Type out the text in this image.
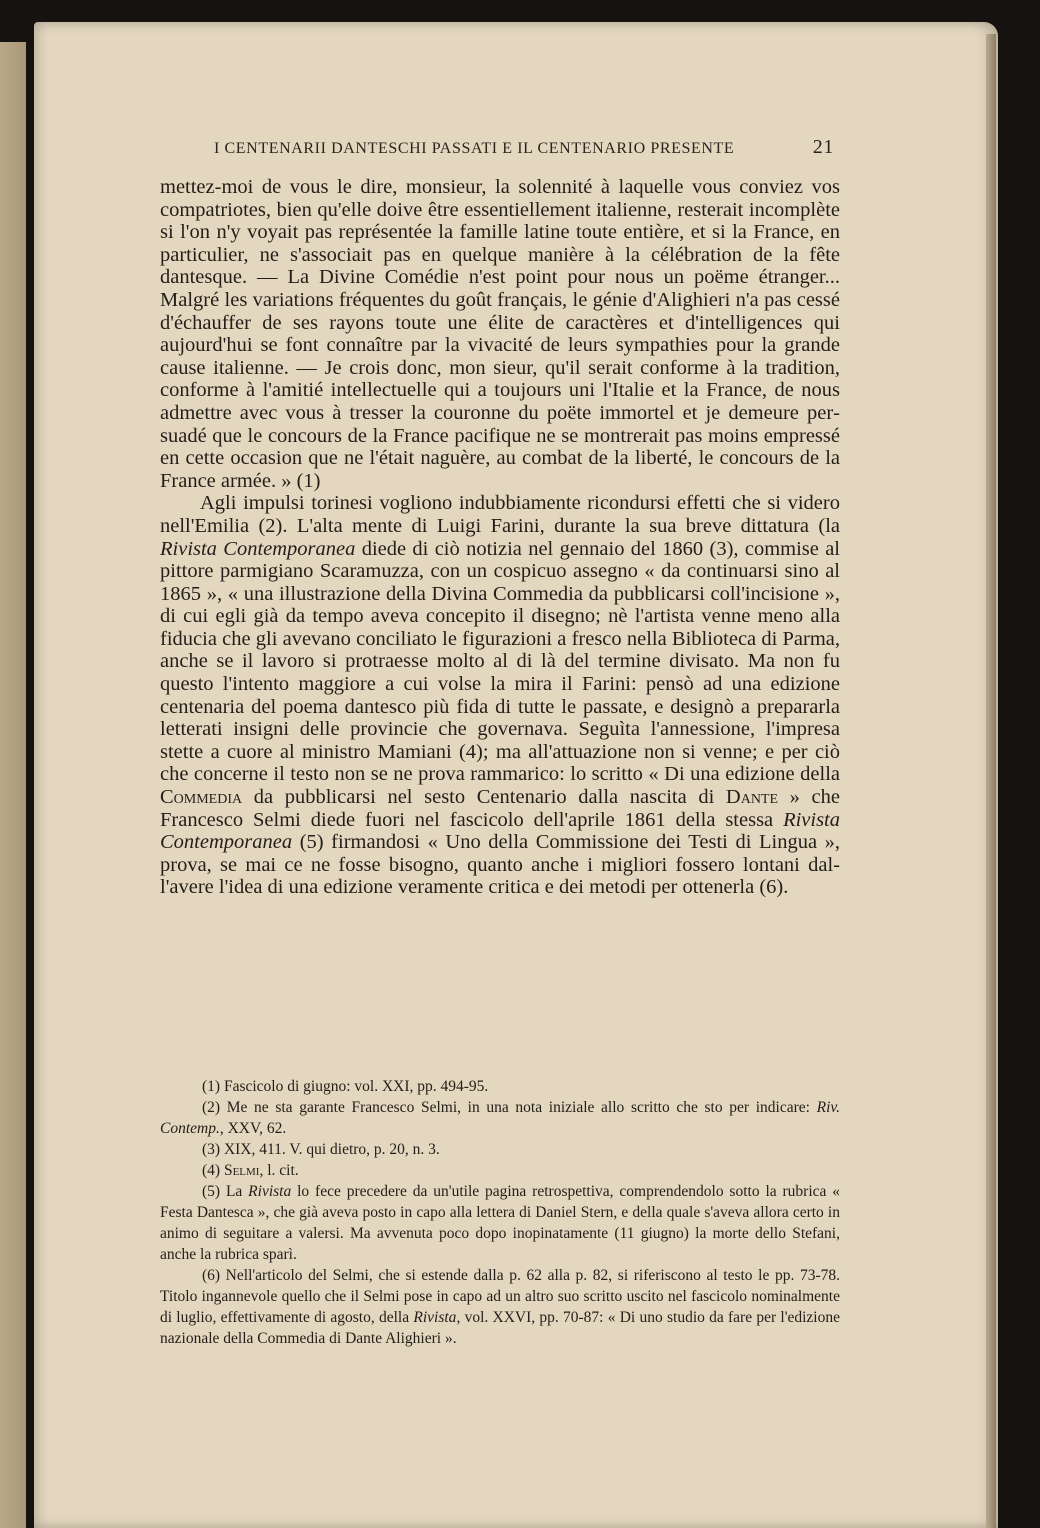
I CENTENARII DANTESCHI PASSATI E IL CENTENARIO PRESENTE	21

mettez-moi de vous le dire, monsieur, la solennité à laquelle vous conviez vos compatriotes, bien qu'elle doive être essentiellement italienne, resterait incomplète si l'on n'y voyait pas représentée la famille latine toute entière, et si la France, en particulier, ne s'associait pas en quelque manière à la célébration de la fête dantesque. — La Divine Comédie n'est point pour nous un poëme étranger... Malgré les variations fréquentes du goût français, le génie d'Alighieri n'a pas cessé d'échauffer de ses rayons toute une élite de caractères et d'intelligences qui aujourd'hui se font connaître par la vivacité de leurs sympathies pour la grande cause italienne. — Je crois donc, mon sieur, qu'il serait conforme à la tradition, conforme à l'amitié intellectuelle qui a toujours uni l'Italie et la France, de nous admettre avec vous à tresser la couronne du poëte immortel et je demeure persuadé que le concours de la France pacifique ne se montrerait pas moins empressé en cette occasion que ne l'était naguère, au combat de la liberté, le concours de la France armée. » (1)

Agli impulsi torinesi vogliono indubbiamente ricondursi effetti che si videro nell'Emilia (2). L'alta mente di Luigi Farini, durante la sua breve dittatura (la Rivista Contemporanea diede di ciò notizia nel gennaio del 1860 (3), commise al pittore parmigiano Scaramuzza, con un cospicuo assegno « da continuarsi sino al 1865 », « una illustrazione della Divina Commedia da pubblicarsi coll'incisione », di cui egli già da tempo aveva concepito il disegno; nè l'artista venne meno alla fiducia che gli avevano conciliato le figurazioni a fresco nella Biblioteca di Parma, anche se il lavoro si protraesse molto al di là del termine divisato. Ma non fu questo l'intento maggiore a cui volse la mira il Farini: pensò ad una edizione centenaria del poema dantesco più fida di tutte le passate, e designò a prepararla letterati insigni delle provincie che governava. Seguìta l'annessione, l'impresa stette a cuore al ministro Mamiani (4); ma all'attuazione non si venne; e per ciò che concerne il testo non se ne prova rammarico: lo scritto « Di una edizione della Commedia da pubblicarsi nel sesto Centenario dalla nascita di Dante » che Francesco Selmi diede fuori nel fascicolo dell'aprile 1861 della stessa Rivista Contemporanea (5) firmandosi « Uno della Commissione dei Testi di Lingua », prova, se mai ce ne fosse bisogno, quanto anche i migliori fossero lontani dall'avere l'idea di una edizione veramente critica e dei metodi per ottenerla (6).

(1) Fascicolo di giugno: vol. XXI, pp. 494-95.

(2) Me ne sta garante Francesco Selmi, in una nota iniziale allo scritto che sto per indicare: Riv. Contemp., XXV, 62.

(3) XIX, 411. V. qui dietro, p. 20, n. 3.

(4) Selmi, l. cit.

(5) La Rivista lo fece precedere da un'utile pagina retrospettiva, comprendendolo sotto la rubrica « Festa Dantesca », che già aveva posto in capo alla lettera di Daniel Stern, e della quale s'aveva allora certo in animo di seguitare a valersi. Ma avvenuta poco dopo inopinatamente (11 giugno) la morte dello Stefani, anche la rubrica sparì.

(6) Nell'articolo del Selmi, che si estende dalla p. 62 alla p. 82, si riferiscono al testo le pp. 73-78. Titolo ingannevole quello che il Selmi pose in capo ad un altro suo scritto uscito nel fascicolo nominalmente di luglio, effettivamente di agosto, della Rivista, vol. XXVI, pp. 70-87: « Di uno studio da fare per l'edizione nazionale della Commedia di Dante Alighieri ».
